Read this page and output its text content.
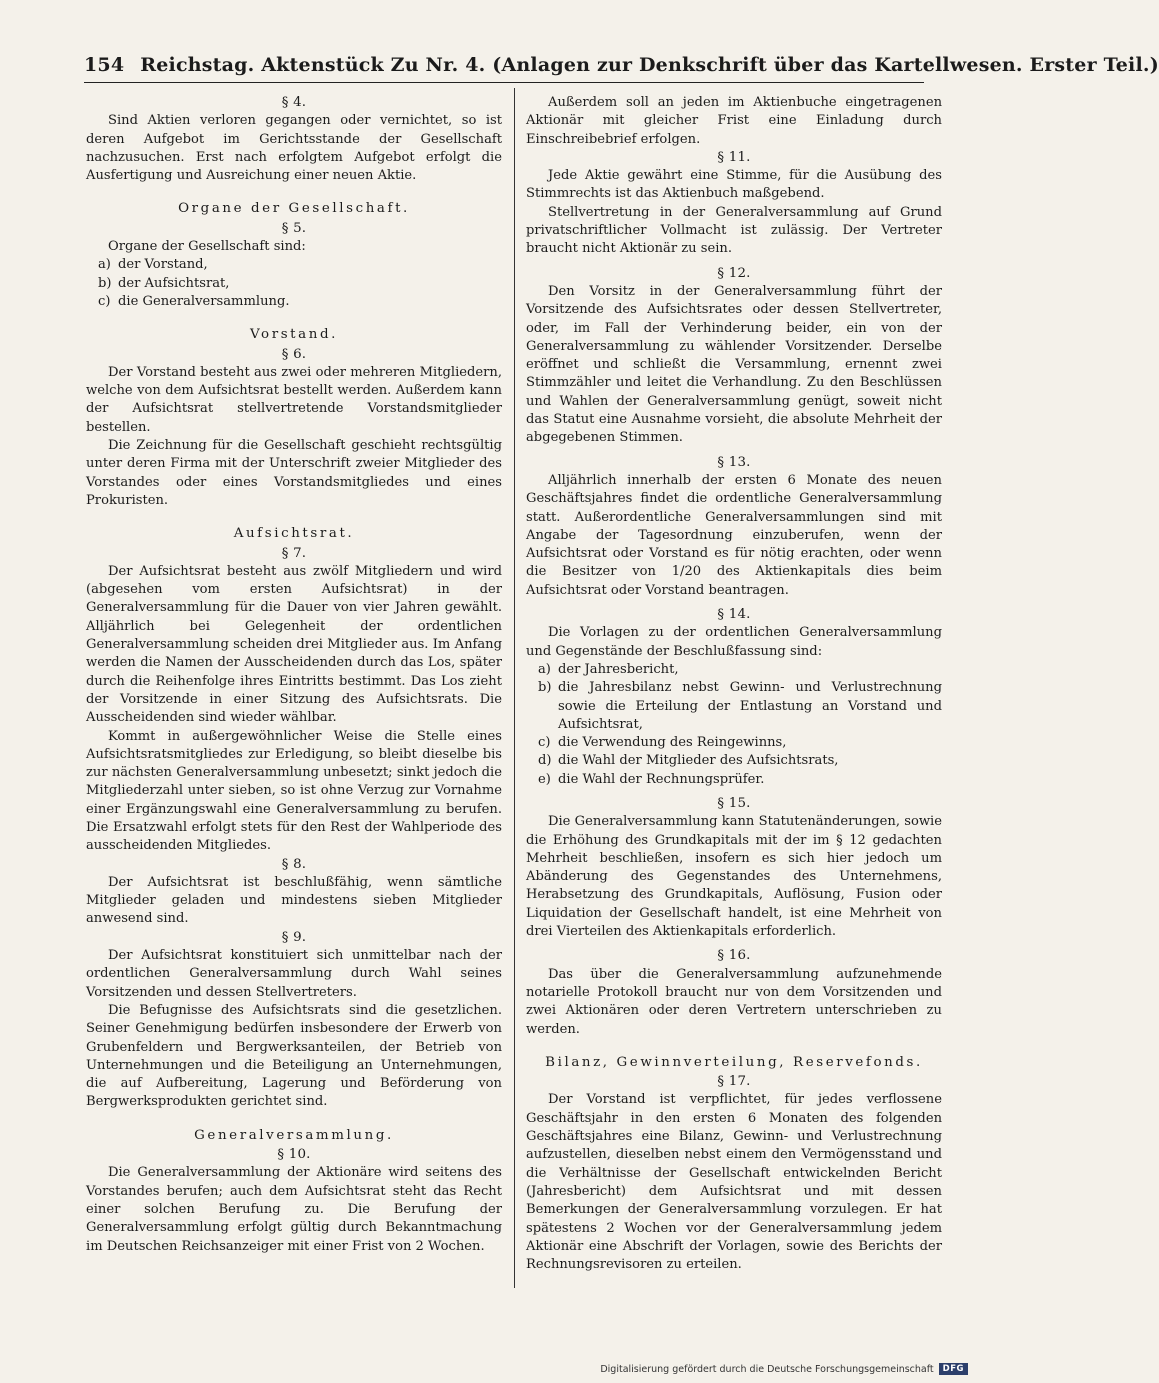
154 Reichstag. Aktenstück Zu Nr. 4. (Anlagen zur Denkschrift über das Kartellwesen. Erster Teil.)

§ 4.

Sind Aktien verloren gegangen oder vernichtet, so ist deren Aufgebot im Gerichtsstande der Gesellschaft nachzusuchen. Erst nach erfolgtem Aufgebot erfolgt die Ausfertigung und Ausreichung einer neuen Aktie.

Organe der Gesellschaft.

§ 5.

Organe der Gesellschaft sind:

a) der Vorstand,
b) der Aufsichtsrat,
c) die Generalversammlung.

Vorstand.

§ 6.

Der Vorstand besteht aus zwei oder mehreren Mitgliedern, welche von dem Aufsichtsrat bestellt werden. Außerdem kann der Aufsichtsrat stellvertretende Vorstandsmitglieder bestellen.

Die Zeichnung für die Gesellschaft geschieht rechtsgültig unter deren Firma mit der Unterschrift zweier Mitglieder des Vorstandes oder eines Vorstandsmitgliedes und eines Prokuristen.

Aufsichtsrat.

§ 7.

Der Aufsichtsrat besteht aus zwölf Mitgliedern und wird (abgesehen vom ersten Aufsichtsrat) in der Generalversammlung für die Dauer von vier Jahren gewählt. Alljährlich bei Gelegenheit der ordentlichen Generalversammlung scheiden drei Mitglieder aus. Im Anfang werden die Namen der Ausscheidenden durch das Los, später durch die Reihenfolge ihres Eintritts bestimmt. Das Los zieht der Vorsitzende in einer Sitzung des Aufsichtsrats. Die Ausscheidenden sind wieder wählbar.

Kommt in außergewöhnlicher Weise die Stelle eines Aufsichtsratsmitgliedes zur Erledigung, so bleibt dieselbe bis zur nächsten Generalversammlung unbesetzt; sinkt jedoch die Mitgliederzahl unter sieben, so ist ohne Verzug zur Vornahme einer Ergänzungswahl eine Generalversammlung zu berufen. Die Ersatzwahl erfolgt stets für den Rest der Wahlperiode des ausscheidenden Mitgliedes.

§ 8.

Der Aufsichtsrat ist beschlußfähig, wenn sämtliche Mitglieder geladen und mindestens sieben Mitglieder anwesend sind.

§ 9.

Der Aufsichtsrat konstituiert sich unmittelbar nach der ordentlichen Generalversammlung durch Wahl seines Vorsitzenden und dessen Stellvertreters.

Die Befugnisse des Aufsichtsrats sind die gesetzlichen. Seiner Genehmigung bedürfen insbesondere der Erwerb von Grubenfeldern und Bergwerksanteilen, der Betrieb von Unternehmungen und die Beteiligung an Unternehmungen, die auf Aufbereitung, Lagerung und Beförderung von Bergwerksprodukten gerichtet sind.

Generalversammlung.

§ 10.

Die Generalversammlung der Aktionäre wird seitens des Vorstandes berufen; auch dem Aufsichtsrat steht das Recht einer solchen Berufung zu. Die Berufung der Generalversammlung erfolgt gültig durch Bekanntmachung im Deutschen Reichsanzeiger mit einer Frist von 2 Wochen.

Außerdem soll an jeden im Aktienbuche eingetragenen Aktionär mit gleicher Frist eine Einladung durch Einschreibebrief erfolgen.

§ 11.

Jede Aktie gewährt eine Stimme, für die Ausübung des Stimmrechts ist das Aktienbuch maßgebend.

Stellvertretung in der Generalversammlung auf Grund privatschriftlicher Vollmacht ist zulässig. Der Vertreter braucht nicht Aktionär zu sein.

§ 12.

Den Vorsitz in der Generalversammlung führt der Vorsitzende des Aufsichtsrates oder dessen Stellvertreter, oder, im Fall der Verhinderung beider, ein von der Generalversammlung zu wählender Vorsitzender. Derselbe eröffnet und schließt die Versammlung, ernennt zwei Stimmzähler und leitet die Verhandlung. Zu den Beschlüssen und Wahlen der Generalversammlung genügt, soweit nicht das Statut eine Ausnahme vorsieht, die absolute Mehrheit der abgegebenen Stimmen.

§ 13.

Alljährlich innerhalb der ersten 6 Monate des neuen Geschäftsjahres findet die ordentliche Generalversammlung statt. Außerordentliche Generalversammlungen sind mit Angabe der Tagesordnung einzuberufen, wenn der Aufsichtsrat oder Vorstand es für nötig erachten, oder wenn die Besitzer von 1/20 des Aktienkapitals dies beim Aufsichtsrat oder Vorstand beantragen.

§ 14.

Die Vorlagen zu der ordentlichen Generalversammlung und Gegenstände der Beschlußfassung sind:

a) der Jahresbericht,
b) die Jahresbilanz nebst Gewinn- und Verlustrechnung sowie die Erteilung der Entlastung an Vorstand und Aufsichtsrat,
c) die Verwendung des Reingewinns,
d) die Wahl der Mitglieder des Aufsichtsrats,
e) die Wahl der Rechnungsprüfer.

§ 15.

Die Generalversammlung kann Statutenänderungen, sowie die Erhöhung des Grundkapitals mit der im § 12 gedachten Mehrheit beschließen, insofern es sich hier jedoch um Abänderung des Gegenstandes des Unternehmens, Herabsetzung des Grundkapitals, Auflösung, Fusion oder Liquidation der Gesellschaft handelt, ist eine Mehrheit von drei Vierteilen des Aktienkapitals erforderlich.

§ 16.

Das über die Generalversammlung aufzunehmende notarielle Protokoll braucht nur von dem Vorsitzenden und zwei Aktionären oder deren Vertretern unterschrieben zu werden.

Bilanz, Gewinnverteilung, Reservefonds.

§ 17.

Der Vorstand ist verpflichtet, für jedes verflossene Geschäftsjahr in den ersten 6 Monaten des folgenden Geschäftsjahres eine Bilanz, Gewinn- und Verlustrechnung aufzustellen, dieselben nebst einem den Vermögensstand und die Verhältnisse der Gesellschaft entwickelnden Bericht (Jahresbericht) dem Aufsichtsrat und mit dessen Bemerkungen der Generalversammlung vorzulegen. Er hat spätestens 2 Wochen vor der Generalversammlung jedem Aktionär eine Abschrift der Vorlagen, sowie des Berichts der Rechnungsrevisoren zu erteilen.

Digitalisierung gefördert durch die Deutsche Forschungsgemeinschaft	DFG
